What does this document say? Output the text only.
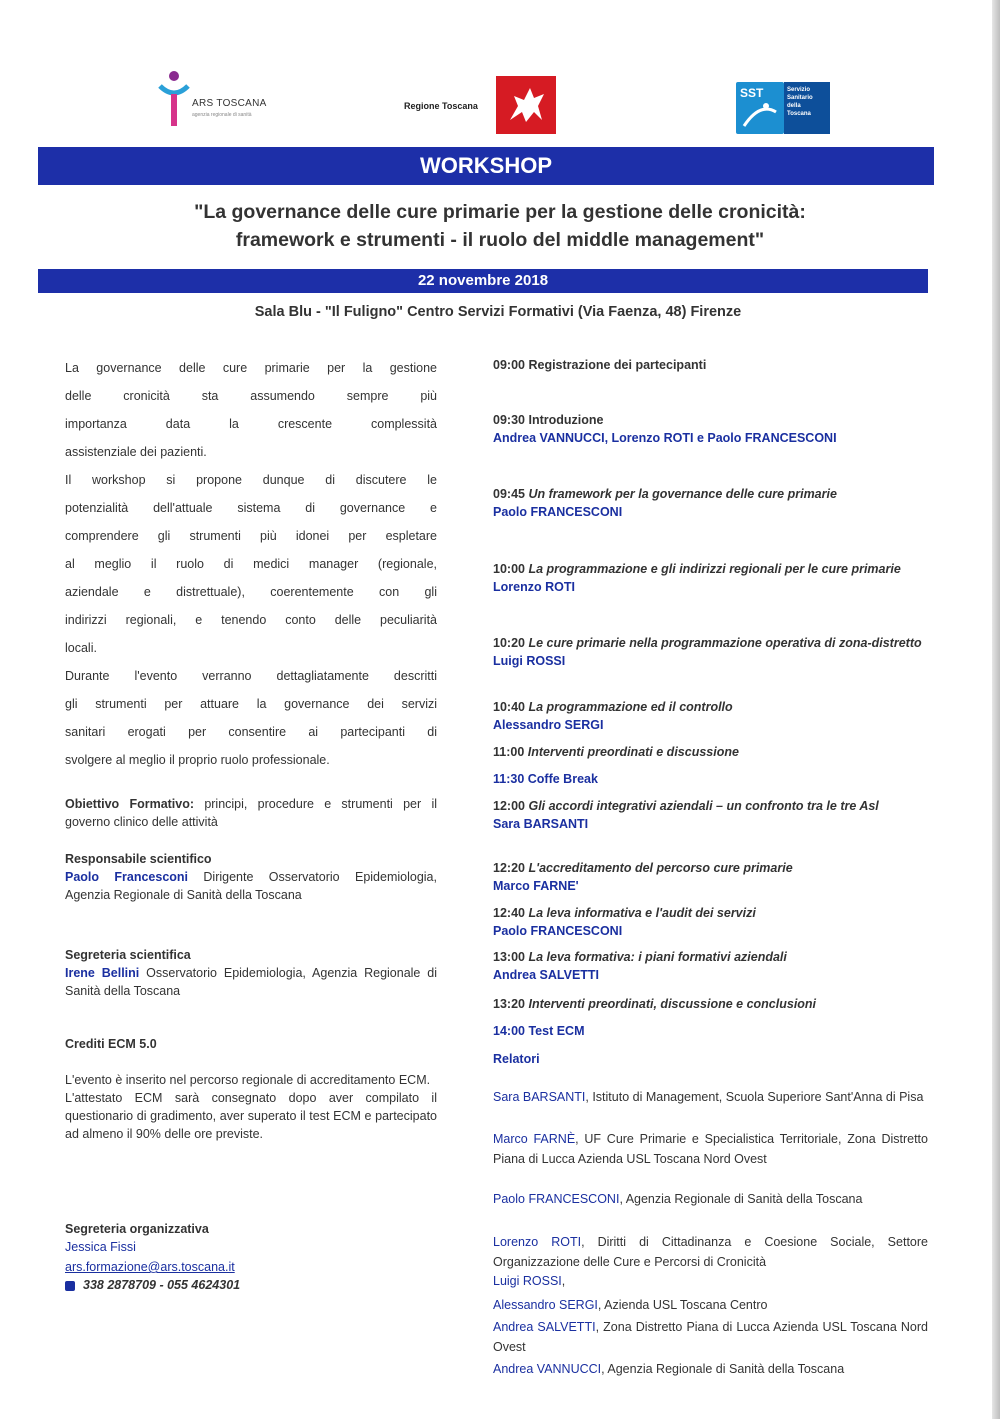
ARS TOSCANA
agenzia regionale di sanità
Regione Toscana
SST	Servizio
Sanitario
della
Toscana
WORKSHOP
"La governance delle cure primarie per la gestione delle cronicità:
framework e strumenti - il ruolo del middle management"
22 novembre 2018
Sala Blu - "Il Fuligno" Centro Servizi Formativi (Via Faenza, 48) Firenze
La governance delle cure primarie per la gestione
delle cronicità sta assumendo sempre più
importanza data la crescente complessità
assistenziale dei pazienti.
Il workshop si propone dunque di discutere le
potenzialità dell'attuale sistema di governance e
comprendere gli strumenti più idonei per espletare
al meglio il ruolo di medici manager (regionale,
aziendale e distrettuale), coerentemente con gli
indirizzi regionali, e tenendo conto delle peculiarità
locali.
Durante l'evento verranno dettagliatamente descritti
gli strumenti per attuare la governance dei servizi
sanitari erogati per consentire ai partecipanti di
svolgere al meglio il proprio ruolo professionale.
Obiettivo Formativo: principi, procedure e strumenti per il governo clinico delle attività
Responsabile scientifico
Paolo Francesconi Dirigente Osservatorio Epidemiologia, Agenzia Regionale di Sanità della Toscana
Segreteria scientifica
Irene Bellini Osservatorio Epidemiologia, Agenzia Regionale di Sanità della Toscana
Crediti ECM 5.0
L'evento è inserito nel percorso regionale di accreditamento ECM.
L'attestato ECM sarà consegnato dopo aver compilato il questionario di gradimento, aver superato il test ECM e partecipato ad almeno il 90% delle ore previste.
Segreteria organizzativa
Jessica Fissi
ars.formazione@ars.toscana.it
338 2878709 - 055 4624301
09:00 Registrazione dei partecipanti
09:30 Introduzione
Andrea VANNUCCI, Lorenzo ROTI e Paolo FRANCESCONI
09:45 Un framework per la governance delle cure primarie
Paolo FRANCESCONI
10:00 La programmazione e gli indirizzi regionali per le cure primarie
Lorenzo ROTI
10:20 Le cure primarie nella programmazione operativa di zona-distretto
Luigi ROSSI
10:40 La programmazione ed il controllo
Alessandro SERGI
11:00 Interventi preordinati e discussione
11:30 Coffe Break
12:00 Gli accordi integrativi aziendali – un confronto tra le tre Asl
Sara BARSANTI
12:20 L'accreditamento del percorso cure primarie
Marco FARNE'
12:40 La leva informativa e l'audit dei servizi
Paolo FRANCESCONI
13:00 La leva formativa: i piani formativi aziendali
Andrea SALVETTI
13:20 Interventi preordinati, discussione e conclusioni
14:00 Test ECM
Relatori
Sara BARSANTI, Istituto di Management, Scuola Superiore Sant'Anna di Pisa
Marco FARNÈ, UF Cure Primarie e Specialistica Territoriale, Zona Distretto Piana di Lucca Azienda USL Toscana Nord Ovest
Paolo FRANCESCONI, Agenzia Regionale di Sanità della Toscana
Lorenzo ROTI, Diritti di Cittadinanza e Coesione Sociale, Settore Organizzazione delle Cure e Percorsi di Cronicità
Luigi ROSSI,
Alessandro SERGI, Azienda USL Toscana Centro
Andrea SALVETTI, Zona Distretto Piana di Lucca Azienda USL Toscana Nord Ovest
Andrea VANNUCCI, Agenzia Regionale di Sanità della Toscana
